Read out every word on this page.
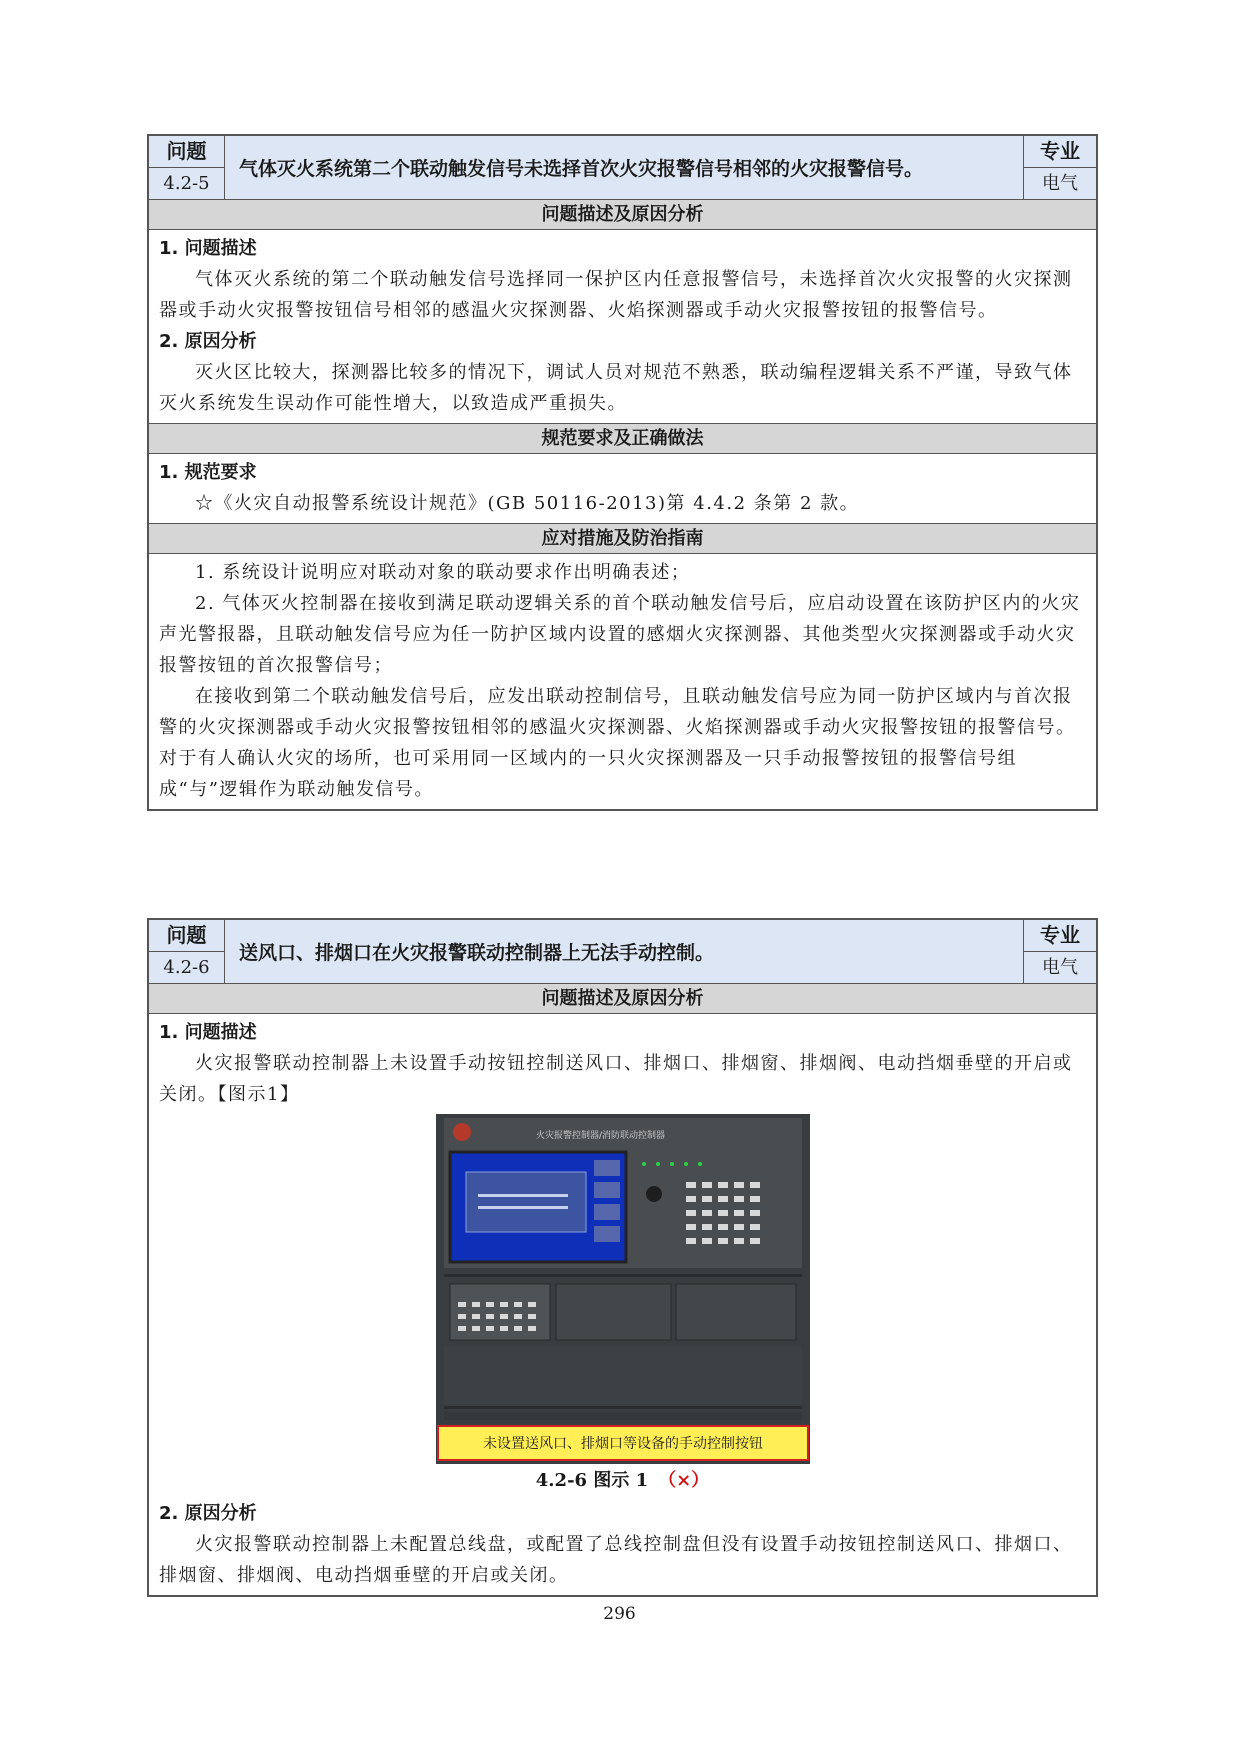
问题
4.2-5
气体灭火系统第二个联动触发信号未选择首次火灾报警信号相邻的火灾报警信号。
专业
电气
问题描述及原因分析
1. 问题描述

气体灭火系统的第二个联动触发信号选择同一保护区内任意报警信号，未选择首次火灾报警的火灾探测器或手动火灾报警按钮信号相邻的感温火灾探测器、火焰探测器或手动火灾报警按钮的报警信号。

2. 原因分析

灭火区比较大，探测器比较多的情况下，调试人员对规范不熟悉，联动编程逻辑关系不严谨，导致气体灭火系统发生误动作可能性增大，以致造成严重损失。

规范要求及正确做法
1. 规范要求

☆《火灾自动报警系统设计规范》(GB 50116-2013)第 4.4.2 条第 2 款。

应对措施及防治指南

1. 系统设计说明应对联动对象的联动要求作出明确表述；

2. 气体灭火控制器在接收到满足联动逻辑关系的首个联动触发信号后，应启动设置在该防护区内的火灾声光警报器，且联动触发信号应为任一防护区域内设置的感烟火灾探测器、其他类型火灾探测器或手动火灾报警按钮的首次报警信号；

在接收到第二个联动触发信号后，应发出联动控制信号，且联动触发信号应为同一防护区域内与首次报警的火灾探测器或手动火灾报警按钮相邻的感温火灾探测器、火焰探测器或手动火灾报警按钮的报警信号。对于有人确认火灾的场所，也可采用同一区域内的一只火灾探测器及一只手动报警按钮的报警信号组成“与”逻辑作为联动触发信号。

问题
4.2-6
送风口、排烟口在火灾报警联动控制器上无法手动控制。
专业
电气
问题描述及原因分析
1. 问题描述

火灾报警联动控制器上未设置手动按钮控制送风口、排烟口、排烟窗、排烟阀、电动挡烟垂壁的开启或关闭。【图示1】

火灾报警控制器/消防联动控制器
未设置送风口、排烟口等设备的手动控制按钮
4.2-6 图示 1 （×）
2. 原因分析

火灾报警联动控制器上未配置总线盘，或配置了总线控制盘但没有设置手动按钮控制送风口、排烟口、排烟窗、排烟阀、电动挡烟垂壁的开启或关闭。

296
